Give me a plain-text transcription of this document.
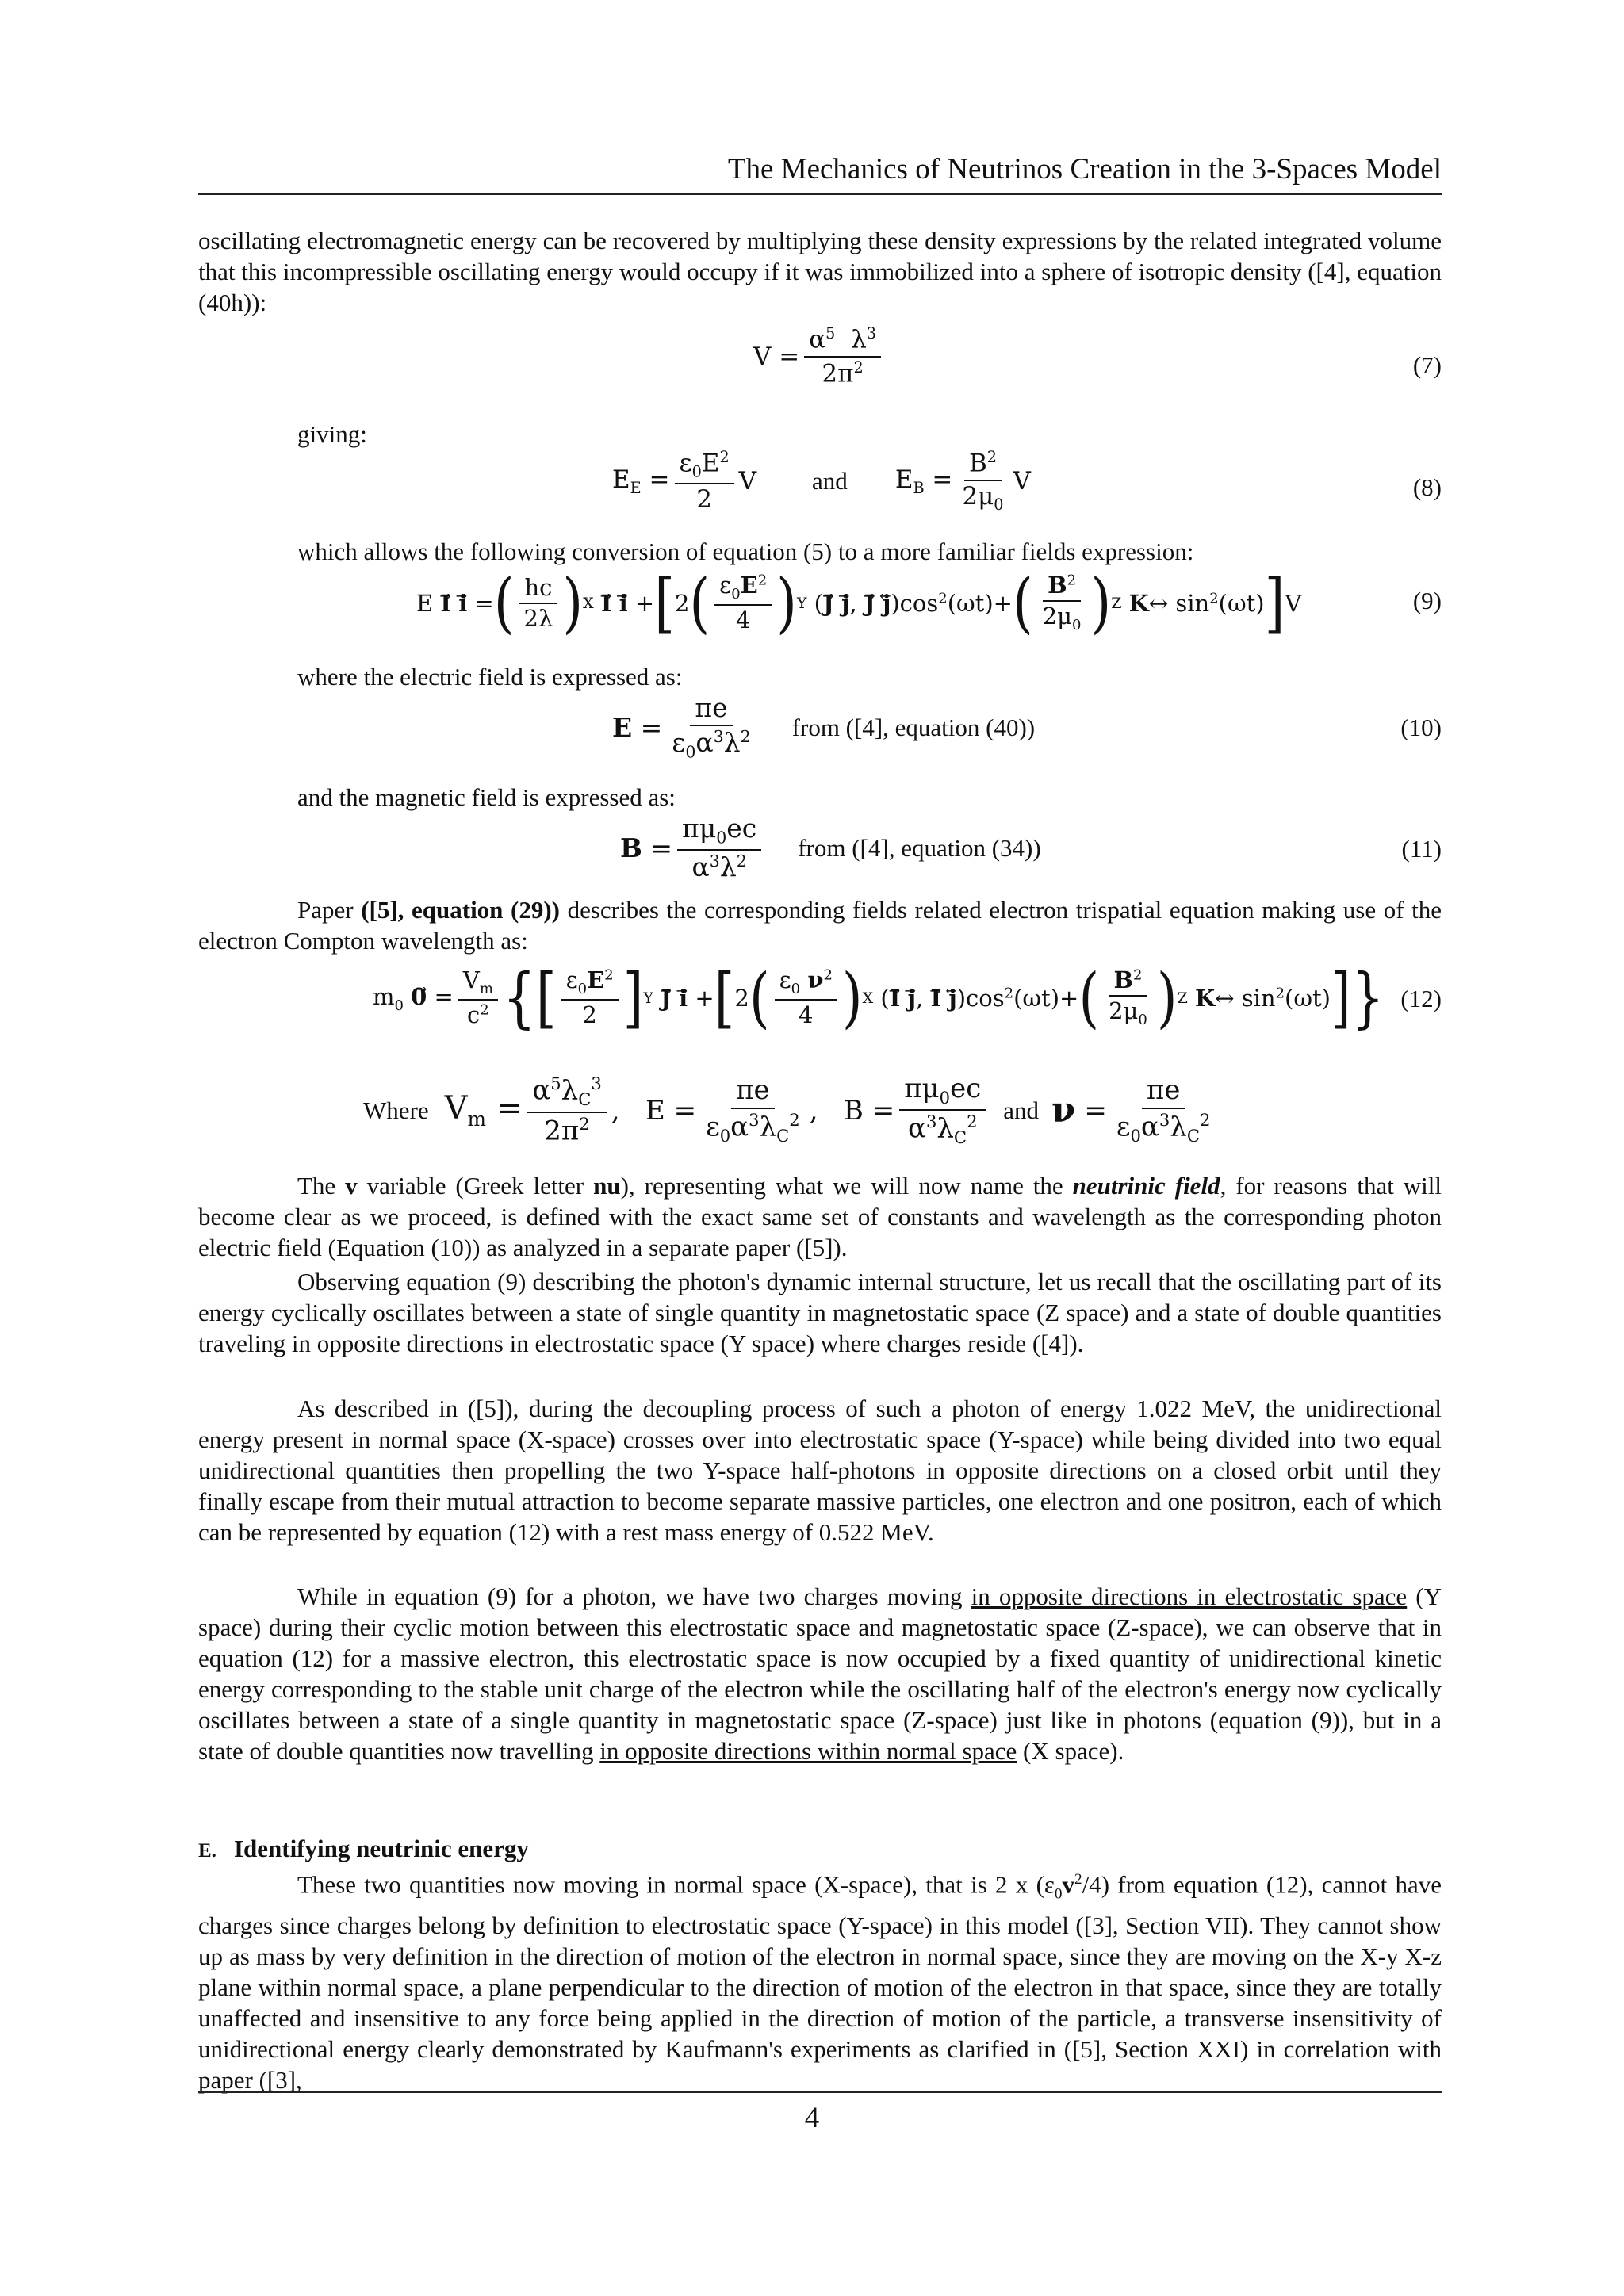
The Mechanics of Neutrinos Creation in the 3-Spaces Model

oscillating electromagnetic energy can be recovered by multiplying these density expressions by the related integrated volume that this incompressible oscillating energy would occupy if it was immobilized into a sphere of isotropic density ([4], equation (40h)):

$V = \frac{\alpha^5 \lambda^3}{2\pi^2}$	(7)
giving:
$E_E = \frac{\varepsilon_0E^2}{2}$ V and $E_B = \frac{B^2}{2\mu_0}$ V	(8)
which allows the following conversion of equation (5) to a more familiar fields expression:
E I⃗ i⃗ = ( $\frac{hc}{2\lambda}$ ) X I⃗ i⃗ + [ 2 ( $\frac{\varepsilon_0E^2}{4}$ ) Y (J⃗ j⃗, J⃗ $j⃖)\cos^2(\omega t)+$ ( $\frac{B^2}{2\mu_0}$ ) Z K↔ $\sin^2(\omega t)$ ] V	(9)
where the electric field is expressed as:
$E = \frac{\pi e}{\varepsilon_0\alpha^3\lambda^2}$ from ([4], equation (40))	(10)
and the magnetic field is expressed as:
$B = \frac{\pi\mu_0ec}{\alpha^3\lambda^2}$ from ([4], equation (34))	(11)

Paper ([5], equation (29)) describes the corresponding fields related electron trispatial equation making use of the electron Compton wavelength as:

$m_0$ 0⃗ = $\frac{V_m}{c^2}$ { [ $\frac{\varepsilon_0E^2}{2}$ ] Y J⃗ i⃗ + [ 2 ( $\frac{\varepsilon_0 \nu^2}{4}$ ) X (I⃗ j⃗, I⃗ $j⃖)\cos^2(\omega t)+$ ( $\frac{B^2}{2\mu_0}$ ) Z K↔ $\sin^2(\omega t)$ ] } (12)
Where $V_m = \frac{\alpha^5\lambda_C^3}{2\pi^2}$ ,   $E = \frac{\pi e}{\varepsilon_0\alpha^3\lambda_C^2}$ ,   $B = \frac{\pi\mu_0ec}{\alpha^3\lambda_C^2}$ and $\nu = \frac{\pi e}{\varepsilon_0\alpha^3\lambda_C^2}$

The v variable (Greek letter nu), representing what we will now name the neutrinic field, for reasons that will become clear as we proceed, is defined with the exact same set of constants and wavelength as the corresponding photon electric field (Equation (10)) as analyzed in a separate paper ([5]).

Observing equation (9) describing the photon's dynamic internal structure, let us recall that the oscillating part of its energy cyclically oscillates between a state of single quantity in magnetostatic space (Z space) and a state of double quantities traveling in opposite directions in electrostatic space (Y space) where charges reside ([4]).

As described in ([5]), during the decoupling process of such a photon of energy 1.022 MeV, the unidirectional energy present in normal space (X-space) crosses over into electrostatic space (Y-space) while being divided into two equal unidirectional quantities then propelling the two Y-space half-photons in opposite directions on a closed orbit until they finally escape from their mutual attraction to become separate massive particles, one electron and one positron, each of which can be represented by equation (12) with a rest mass energy of 0.522 MeV.

While in equation (9) for a photon, we have two charges moving in opposite directions in electrostatic space (Y space) during their cyclic motion between this electrostatic space and magnetostatic space (Z-space), we can observe that in equation (12) for a massive electron, this electrostatic space is now occupied by a fixed quantity of unidirectional kinetic energy corresponding to the stable unit charge of the electron while the oscillating half of the electron's energy now cyclically oscillates between a state of a single quantity in magnetostatic space (Z-space) just like in photons (equation (9)), but in a state of double quantities now travelling in opposite directions within normal space (X space).

E. Identifying neutrinic energy

These two quantities now moving in normal space (X-space), that is 2 x $(\varepsilon_0v^2/4)$ from equation (12), cannot have charges since charges belong by definition to electrostatic space (Y-space) in this model ([3], Section VII). They cannot show up as mass by very definition in the direction of motion of the electron in normal space, since they are moving on the X-y X-z plane within normal space, a plane perpendicular to the direction of motion of the electron in that space, since they are totally unaffected and insensitive to any force being applied in the direction of motion of the particle, a transverse insensitivity of unidirectional energy clearly demonstrated by Kaufmann's experiments as clarified in ([5], Section XXI) in correlation with paper ([3],

4
